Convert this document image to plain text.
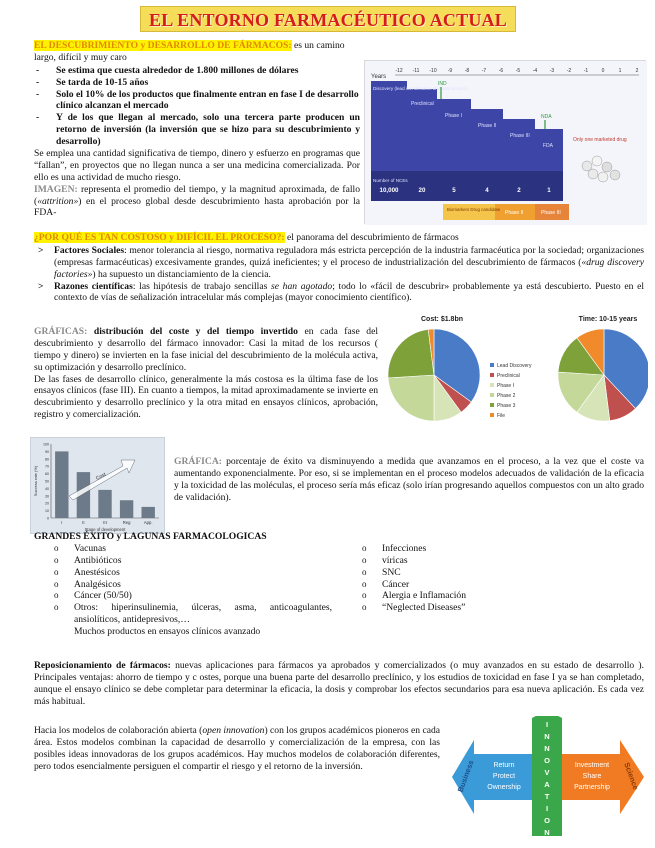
EL ENTORNO FARMACÉUTICO ACTUAL
EL DESCUBRIMIENTO y DESARROLLO DE FÁRMACOS: es un camino largo, difícil y muy caro
- Se estima que cuesta alrededor de 1.800 millones de dólares
- Se tarda de 10-15 años
- Solo el 10% de los productos que finalmente entran en fase I de desarrollo clínico alcanzan el mercado
- Y de los que llegan al mercado, solo una tercera parte producen un retorno de inversión (la inversión que se hizo para su descubrimiento y desarrollo)

Se emplea una cantidad significativa de tiempo, dinero y esfuerzo en programas que “fallan”, en proyectos que no llegan nunca a ser una medicina comercializada. Por ello es una actividad de mucho riesgo.

IMAGEN: representa el promedio del tiempo, y la magnitud aproximada, de fallo («attrition») en el proceso global desde descubrimiento hasta aprobación por la FDA-

Years
-12 -11 -10 -9	-8	-7	-6	-5	-4	-3	-2	-1	0	1	2
Discovery (lead identification and optimization)
Preclinical
Phase I
Phase II
Phase III
FDA
IND
NDA
Number of NCEs
10,000	20	5	4	2	1
Only one marketed drug
Biomarkers Drug candidate
Phase II	Phase III
¿POR QUÉ ES TAN COSTOSO y DIFÍCIL EL PROCESO?: el panorama del descubrimiento de fármacos
> Factores Sociales: menor tolerancia al riesgo, normativa reguladora más estricta percepción de la industria farmacéutica por la sociedad; organizaciones (empresas farmacéuticas) excesivamente grandes, quizá ineficientes; y el proceso de industrialización del descubrimiento de fármacos («drug discovery factories») ha supuesto un distanciamiento de la ciencia.
> Razones científicas: las hipótesis de trabajo sencillas se han agotado; todo lo «fácil de descubrir» probablemente ya está descubierto. Puesto en el contexto de vías de señalización intracelular más complejas (mayor conocimiento científico).

GRÁFICAS: distribución del coste y del tiempo invertido en cada fase del descubrimiento y desarrollo del fármaco innovador: Casi la mitad de los recursos ( tiempo y dinero) se invierten en la fase inicial del descubrimiento de la molécula activa, su optimización y desarrollo preclínico.

De las fases de desarrollo clínico, generalmente la más costosa es la última fase de los ensayos clínicos (fase III). En cuanto a tiempos, la mitad aproximadamente se invierte en descubrimiento y desarrollo preclínico y la otra mitad en ensayos clínicos, aprobación, registro y comercialización.

Cost: $1.8bn	Time: 10-15 years
Lead Discovery
Preclinical
Phase I
Phase 2
Phase 3
File
0
10
20
30
40
50
60
70
80
90
100
I	II	III	Reg	App.
Stage of development
Success rate (%)	Cost

GRÁFICA: porcentaje de éxito va disminuyendo a medida que avanzamos en el proceso, a la vez que el coste va aumentando exponencialmente. Por eso, si se implementan en el proceso modelos adecuados de validación de la eficacia y la toxicidad de las moléculas, el proceso sería más eficaz (solo irían progresando aquellos compuestos con un alto grado de validación).

GRANDES ÉXITO y LAGUNAS FARMACOLOGICAS
o Vacunas
o Antibióticos
o Anestésicos
o Analgésicos
o Cáncer (50/50)
o Otros: hiperinsulinemia, úlceras, asma, anticoagulantes, ansiolíticos, antidepresivos,…
Muchos productos en ensayos clínicos avanzado
o Infecciones
o víricas
o SNC
o Cáncer
o Alergia e Inflamación
o “Neglected Diseases”

Reposicionamiento de fármacos: nuevas aplicaciones para fármacos ya aprobados y comercializados (o muy avanzados en su estado de desarrollo ). Principales ventajas: ahorro de tiempo y c ostes, porque una buena parte del desarrollo preclínico, y los estudios de toxicidad en fase I ya se han completado, aunque el ensayo clínico se debe completar para determinar la eficacia, la dosis y comprobar los efectos secundarios para esa nueva aplicación. Es cada vez más habitual.

Hacia los modelos de colaboración abierta (open innovation) con los grupos académicos pioneros en cada área. Estos modelos combinan la capacidad de desarrollo y comercialización de la empresa, con las posibles ideas innovadoras de los grupos académicos. Hay muchos modelos de colaboración diferentes, pero todos esencialmente persiguen el compartir el riesgo y el retorno de la inversión.	Business	Science
Return
Protect
Ownership
Investment
Share
Partnership
I
N
N
O
V
A
T
I
O
N
